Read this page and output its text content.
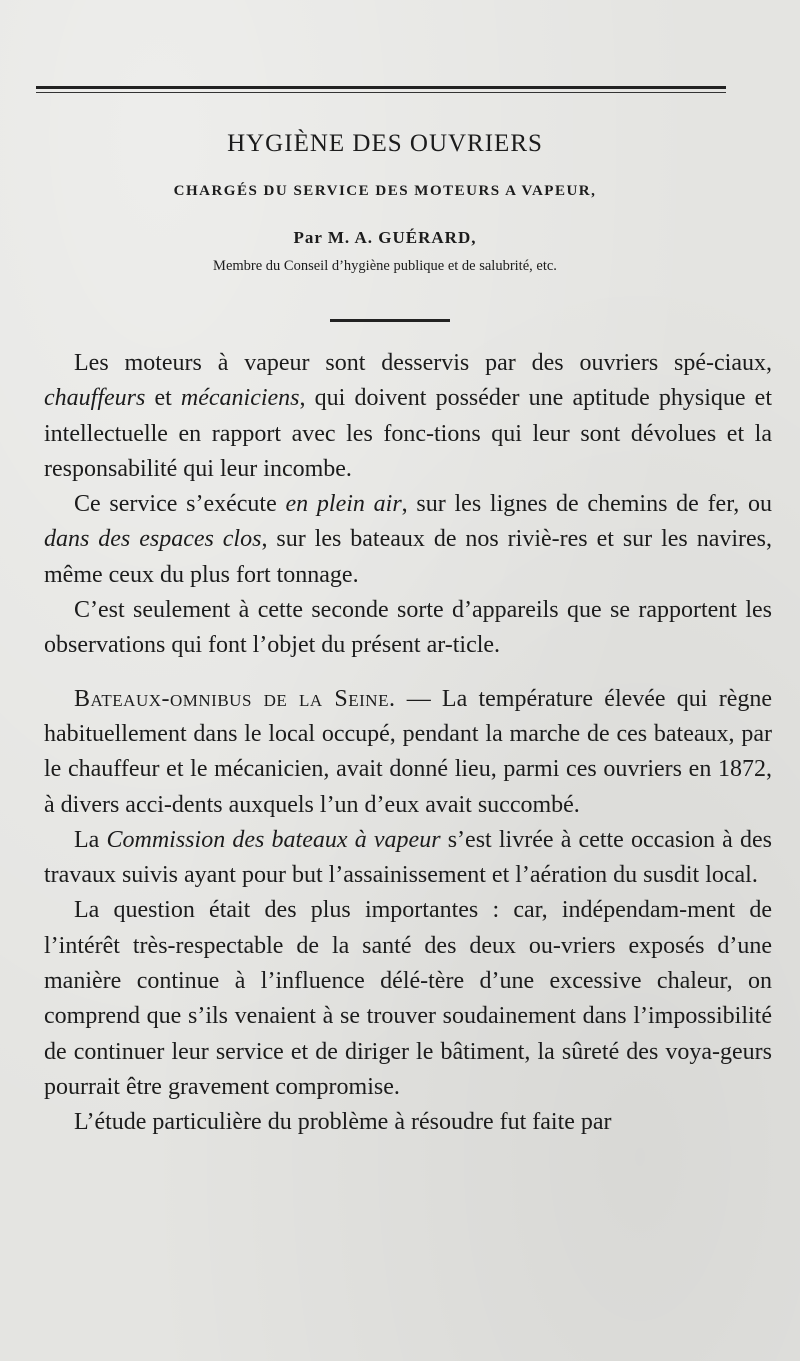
HYGIÈNE DES OUVRIERS
CHARGÉS DU SERVICE DES MOTEURS A VAPEUR,
Par M. A. GUÉRARD,
Membre du Conseil d’hygiène publique et de salubrité, etc.

Les moteurs à vapeur sont desservis par des ouvriers spé-ciaux, chauffeurs et mécaniciens, qui doivent posséder une aptitude physique et intellectuelle en rapport avec les fonc-tions qui leur sont dévolues et la responsabilité qui leur incombe.

Ce service s’exécute en plein air, sur les lignes de chemins de fer, ou dans des espaces clos, sur les bateaux de nos riviè-res et sur les navires, même ceux du plus fort tonnage.

C’est seulement à cette seconde sorte d’appareils que se rapportent les observations qui font l’objet du présent ar-ticle.

Bateaux-omnibus de la Seine. — La température élevée qui règne habituellement dans le local occupé, pendant la marche de ces bateaux, par le chauffeur et le mécanicien, avait donné lieu, parmi ces ouvriers en 1872, à divers acci-dents auxquels l’un d’eux avait succombé.

La Commission des bateaux à vapeur s’est livrée à cette occasion à des travaux suivis ayant pour but l’assainissement et l’aération du susdit local.

La question était des plus importantes : car, indépendam-ment de l’intérêt très-respectable de la santé des deux ou-vriers exposés d’une manière continue à l’influence délé-tère d’une excessive chaleur, on comprend que s’ils venaient à se trouver soudainement dans l’impossibilité de continuer leur service et de diriger le bâtiment, la sûreté des voya-geurs pourrait être gravement compromise.

L’étude particulière du problème à résoudre fut faite par
